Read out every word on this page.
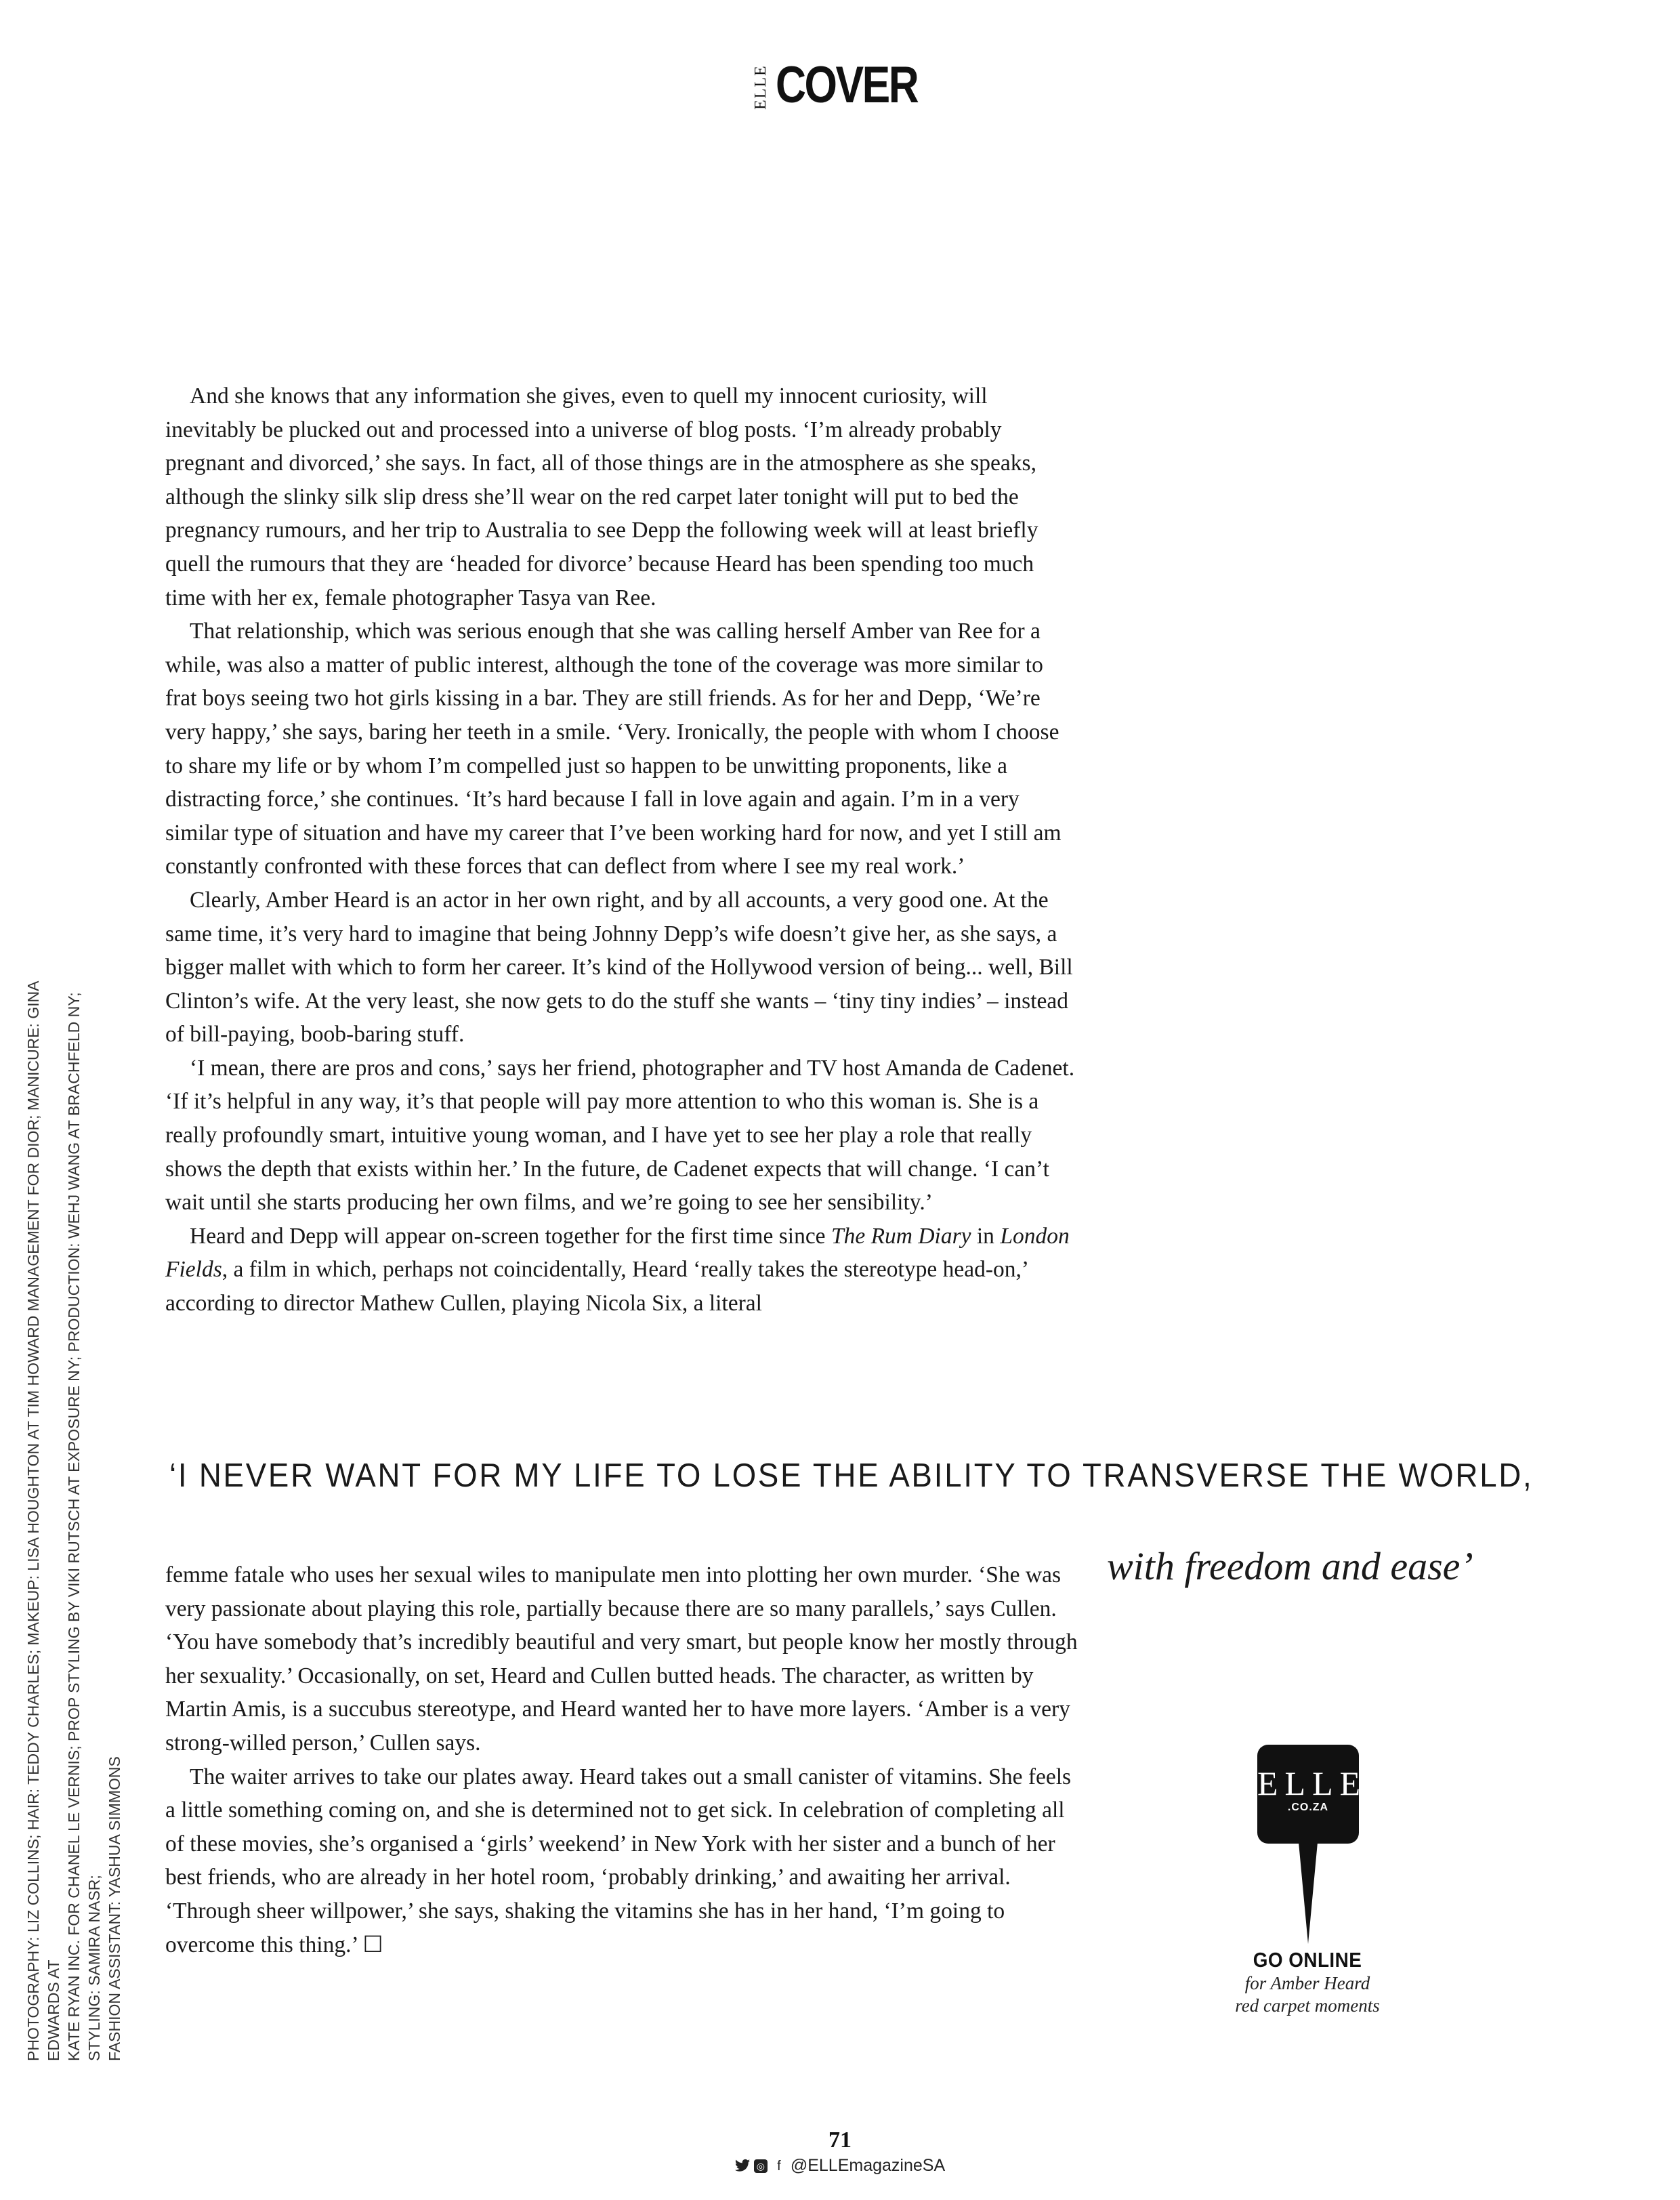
ELLE COVER

PHOTOGRAPHY: LIZ COLLINS; HAIR: TEDDY CHARLES; MAKEUP: LISA HOUGHTON AT TIM HOWARD MANAGEMENT FOR DIOR; MANICURE: GINA EDWARDS AT KATE RYAN INC. FOR CHANEL LE VERNIS; PROP STYLING BY VIKI RUTSCH AT EXPOSURE NY; PRODUCTION: WEHJ WANG AT BRACHFELD NY; STYLING: SAMIRA NASR; FASHION ASSISTANT: YASHUA SIMMONS

And she knows that any information she gives, even to quell my innocent curiosity, will inevitably be plucked out and processed into a universe of blog posts. ‘I’m already probably pregnant and divorced,’ she says. In fact, all of those things are in the atmosphere as she speaks, although the slinky silk slip dress she’ll wear on the red carpet later tonight will put to bed the pregnancy rumours, and her trip to Australia to see Depp the following week will at least briefly quell the rumours that they are ‘headed for divorce’ because Heard has been spending too much time with her ex, female photographer Tasya van Ree.

That relationship, which was serious enough that she was calling herself Amber van Ree for a while, was also a matter of public interest, although the tone of the coverage was more similar to frat boys seeing two hot girls kissing in a bar. They are still friends. As for her and Depp, ‘We’re very happy,’ she says, baring her teeth in a smile. ‘Very. Ironically, the people with whom I choose to share my life or by whom I’m compelled just so happen to be unwitting proponents, like a distracting force,’ she continues. ‘It’s hard because I fall in love again and again. I’m in a very similar type of situation and have my career that I’ve been working hard for now, and yet I still am constantly confronted with these forces that can deflect from where I see my real work.’

Clearly, Amber Heard is an actor in her own right, and by all accounts, a very good one. At the same time, it’s very hard to imagine that being Johnny Depp’s wife doesn’t give her, as she says, a bigger mallet with which to form her career. It’s kind of the Hollywood version of being... well, Bill Clinton’s wife. At the very least, she now gets to do the stuff she wants – ‘tiny tiny indies’ – instead of bill-paying, boob-baring stuff.

‘I mean, there are pros and cons,’ says her friend, photographer and TV host Amanda de Cadenet. ‘If it’s helpful in any way, it’s that people will pay more attention to who this woman is. She is a really profoundly smart, intuitive young woman, and I have yet to see her play a role that really shows the depth that exists within her.’ In the future, de Cadenet expects that will change. ‘I can’t wait until she starts producing her own films, and we’re going to see her sensibility.’

Heard and Depp will appear on-screen together for the first time since The Rum Diary in London Fields, a film in which, perhaps not coincidentally, Heard ‘really takes the stereotype head-on,’ according to director Mathew Cullen, playing Nicola Six, a literal

‘I NEVER WANT FOR MY LIFE TO LOSE THE ABILITY TO TRANSVERSE THE WORLD,
with freedom and ease’

femme fatale who uses her sexual wiles to manipulate men into plotting her own murder. ‘She was very passionate about playing this role, partially because there are so many parallels,’ says Cullen. ‘You have somebody that’s incredibly beautiful and very smart, but people know her mostly through her sexuality.’ Occasionally, on set, Heard and Cullen butted heads. The character, as written by Martin Amis, is a succubus stereotype, and Heard wanted her to have more layers. ‘Amber is a very strong-willed person,’ Cullen says.

The waiter arrives to take our plates away. Heard takes out a small canister of vitamins. She feels a little something coming on, and she is determined not to get sick. In celebration of completing all of these movies, she’s organised a ‘girls’ weekend’ in New York with her sister and a bunch of her best friends, who are already in her hotel room, ‘probably drinking,’ and awaiting her arrival. ‘Through sheer willpower,’ she says, shaking the vitamins she has in her hand, ‘I’m going to overcome this thing.’ ☐

ELLE
.CO.ZA
GO ONLINE
for Amber Heard
red carpet moments
71
◎ f @ELLEmagazineSA
